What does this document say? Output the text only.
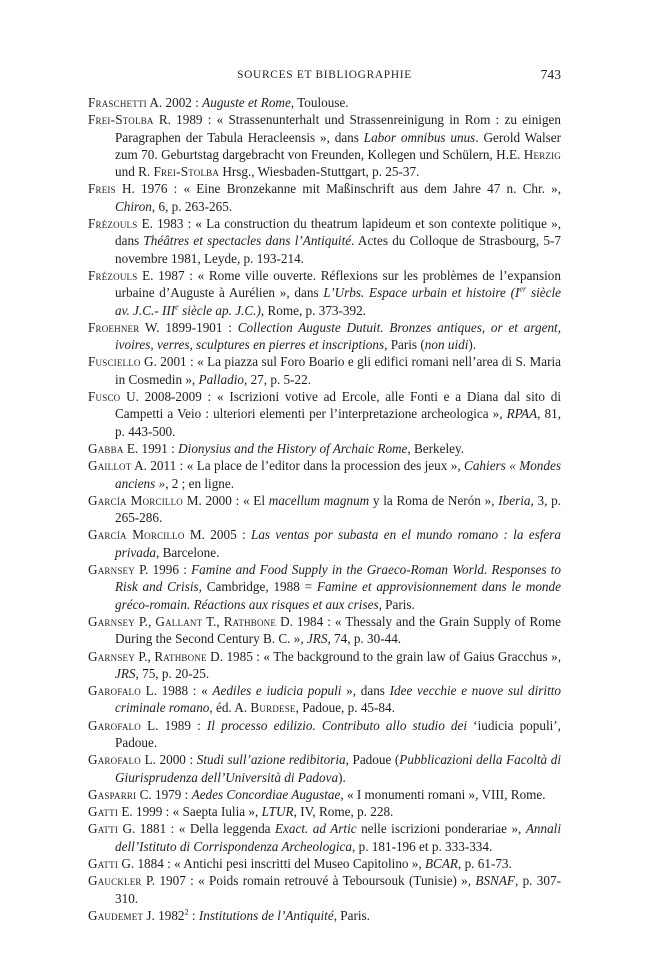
SOURCES ET BIBLIOGRAPHIE	743

Fraschetti A. 2002 : Auguste et Rome, Toulouse.

Frei-Stolba R. 1989 : « Strassenunterhalt und Strassenreinigung in Rom : zu einigen Paragraphen der Tabula Heracleensis », dans Labor omnibus unus. Gerold Walser zum 70. Geburtstag dargebracht von Freunden, Kollegen und Schülern, H.E. Herzig und R. Frei-Stolba Hrsg., Wiesbaden-Stuttgart, p. 25-37.

Freis H. 1976 : « Eine Bronzekanne mit Maßinschrift aus dem Jahre 47 n. Chr. », Chiron, 6, p. 263-265.

Frézouls E. 1983 : « La construction du theatrum lapideum et son contexte politique », dans Théâtres et spectacles dans l’Antiquité. Actes du Colloque de Strasbourg, 5-7 novembre 1981, Leyde, p. 193-214.

Frézouls E. 1987 : « Rome ville ouverte. Réflexions sur les problèmes de l’expansion urbaine d’Auguste à Aurélien », dans L’Urbs. Espace urbain et histoire (Ier siècle av. J.C.- IIIe siècle ap. J.C.), Rome, p. 373-392.

Froehner W. 1899-1901 : Collection Auguste Dutuit. Bronzes antiques, or et argent, ivoires, verres, sculptures en pierres et inscriptions, Paris (non uidi).

Fusciello G. 2001 : « La piazza sul Foro Boario e gli edifici romani nell’area di S. Maria in Cosmedin », Palladio, 27, p. 5-22.

Fusco U. 2008-2009 : « Iscrizioni votive ad Ercole, alle Fonti e a Diana dal sito di Campetti a Veio : ulteriori elementi per l’interpretazione archeologica », RPAA, 81, p. 443-500.

Gabba E. 1991 : Dionysius and the History of Archaic Rome, Berkeley.

Gaillot A. 2011 : « La place de l’editor dans la procession des jeux », Cahiers « Mondes anciens », 2 ; en ligne.

García Morcillo M. 2000 : « El macellum magnum y la Roma de Nerón », Iberia, 3, p. 265-286.

García Morcillo M. 2005 : Las ventas por subasta en el mundo romano : la esfera privada, Barcelone.

Garnsey P. 1996 : Famine and Food Supply in the Graeco-Roman World. Responses to Risk and Crisis, Cambridge, 1988 = Famine et approvisionnement dans le monde gréco-romain. Réactions aux risques et aux crises, Paris.

Garnsey P., Gallant T., Rathbone D. 1984 : « Thessaly and the Grain Supply of Rome During the Second Century B. C. », JRS, 74, p. 30-44.

Garnsey P., Rathbone D. 1985 : « The background to the grain law of Gaius Gracchus », JRS, 75, p. 20-25.

Garofalo L. 1988 : « Aediles e iudicia populi », dans Idee vecchie e nuove sul diritto criminale romano, éd. A. Burdese, Padoue, p. 45-84.

Garofalo L. 1989 : Il processo edilizio. Contributo allo studio dei ‘iudicia populi’, Padoue.

Garofalo L. 2000 : Studi sull’azione redibitoria, Padoue (Pubblicazioni della Facoltà di Giurisprudenza dell’Università di Padova).

Gasparri C. 1979 : Aedes Concordiae Augustae, « I monumenti romani », VIII, Rome.

Gatti E. 1999 : « Saepta Iulia », LTUR, IV, Rome, p. 228.

Gatti G. 1881 : « Della leggenda Exact. ad Artic nelle iscrizioni ponderariae », Annali dell’Istituto di Corrispondenza Archeologica, p. 181-196 et p. 333-334.

Gatti G. 1884 : « Antichi pesi inscritti del Museo Capitolino », BCAR, p. 61-73.

Gauckler P. 1907 : « Poids romain retrouvé à Teboursouk (Tunisie) », BSNAF, p. 307-310.

Gaudemet J. 1982$^2$ : Institutions de l’Antiquité, Paris.
